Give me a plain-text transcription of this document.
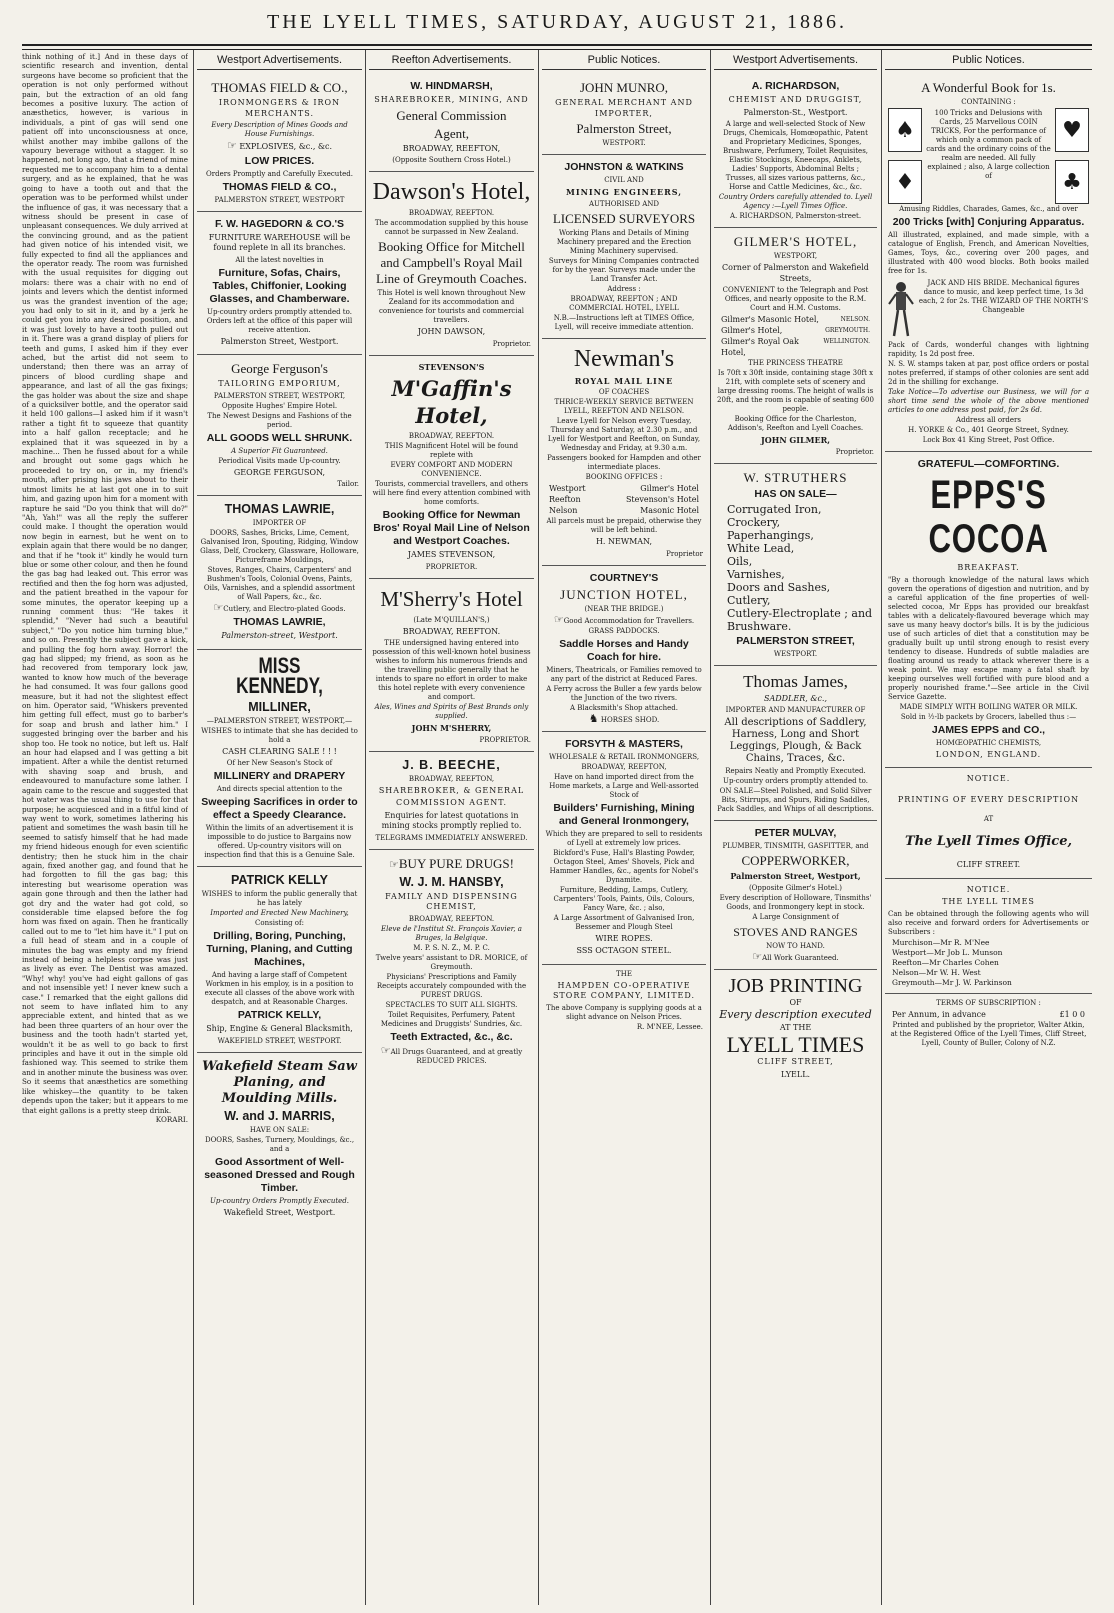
THE LYELL TIMES, SATURDAY, AUGUST 21, 1886.
think nothing of it.] And in these days of scientific research and invention, dental surgeons have become so proficient that the operation is not only performed without pain, but the extraction of an old fang becomes a positive luxury. The action of anæsthetics, however, is various in individuals, a pint of gas will send one patient off into unconsciousness at once, whilst another may imbibe gallons of the vapoury beverage without a stagger. It so happened, not long ago, that a friend of mine requested me to accompany him to a dental surgery, and as he explained, that he was going to have a tooth out and that the operation was to be performed whilst under the influence of gas, it was necessary that a witness should be present in case of unpleasant consequences. We duly arrived at the convincing ground, and as the patient had given notice of his intended visit, we fully expected to find all the appliances and the operator ready. The room was furnished with the usual requisites for digging out molars: there was a chair with no end of joints and levers which the dentist informed us was the grandest invention of the age; you had only to sit in it, and by a jerk he could get you into any desired position, and it was just lovely to have a tooth pulled out in it. There was a grand display of pliers for teeth and gums, I asked him if they ever ached, but the artist did not seem to understand; then there was an array of pincers of blood curdling shape and appearance, and last of all the gas fixings; the gas holder was about the size and shape of a quicksilver bottle, and the operator said it held 100 gallons—I asked him if it wasn't rather a tight fit to squeeze that quantity into a half gallon receptacle; and he explained that it was squeezed in by a machine... Then he fussed about for a while and brought out some gags which he proceeded to try on, or in, my friend's mouth, after prising his jaws about to their utmost limits he at last got one in to suit him, and gazing upon him for a moment with rapture he said "Do you think that will do?" "Ah, Yah!" was all the reply the sufferer could make. I thought the operation would now begin in earnest, but he went on to explain again that there would be no danger, and that if he "took it" kindly he would turn blue or some other colour, and then he found the gas bag had leaked out. This error was rectified and then the fog horn was adjusted, and the patient breathed in the vapour for some minutes, the operator keeping up a running comment thus: "He takes it splendid," "Never had such a beautiful subject," "Do you notice him turning blue," and so on. Presently the subject gave a kick, and pulling the fog horn away. Horror! the gag had slipped; my friend, as soon as he had recovered from temporary lock jaw, wanted to know how much of the beverage he had consumed. It was four gallons good measure, but it had not the slightest effect on him. Operator said, "Whiskers prevented him getting full effect, must go to barber's for soap and brush and lather him." I suggested bringing over the barber and his shop too. He took no notice, but left us. Half an hour had elapsed and I was getting a bit impatient. After a while the dentist returned with shaving soap and brush, and endeavoured to manufacture some lather. I again came to the rescue and suggested that hot water was the usual thing to use for that purpose; he acquiesced and in a fitful kind of way went to work, sometimes lathering his patient and sometimes the wash basin till he seemed to satisfy himself that he had made my friend hideous enough for even scientific dentistry; then he stuck him in the chair again, fixed another gag, and found that he had forgotten to fill the gas bag; this interesting but wearisome operation was again gone through and then the lather had got dry and the water had got cold, so considerable time elapsed before the fog horn was fixed on again. Then he frantically called out to me to "let him have it." I put on a full head of steam and in a couple of minutes the bag was empty and my friend instead of being a helpless corpse was just as lively as ever. The Dentist was amazed. "Why! why! you've had eight gallons of gas and not insensible yet! I never knew such a case." I remarked that the eight gallons did not seem to have inflated him to any appreciable extent, and hinted that as we had been three quarters of an hour over the business and the tooth hadn't started yet, wouldn't it be as well to go back to first principles and have it out in the simple old fashioned way. This seemed to strike them and in another minute the business was over. So it seems that anæsthetics are something like whiskey—the quantity to be taken depends upon the taker; but it appears to me that eight gallons is a pretty steep drink.
KORARI.
Westport Advertisements.
THOMAS FIELD & CO.,
IRONMONGERS & IRON MERCHANTS.
Every Description of Mines Goods and House Furnishings.
☞ EXPLOSIVES, &c., &c.
LOW PRICES.
Orders Promptly and Carefully Executed.
THOMAS FIELD & CO.,
PALMERSTON STREET, WESTPORT
F. W. HAGEDORN & CO.'S
FURNITURE WAREHOUSE will be found replete in all its branches.
All the latest novelties in
Furniture, Sofas, Chairs, Tables, Chiffonier, Looking Glasses, and Chamberware.
Up-country orders promptly attended to. Orders left at the office of this paper will receive attention.
Palmerston Street, Westport.
George Ferguson's
TAILORING EMPORIUM,
PALMERSTON STREET, WESTPORT,
Opposite Hughes' Empire Hotel.
The Newest Designs and Fashions of the period.
ALL GOODS WELL SHRUNK.
A Superior Fit Guaranteed.
Periodical Visits made Up-country.
GEORGE FERGUSON,
Tailor.
THOMAS LAWRIE,
IMPORTER OF
DOORS, Sashes, Bricks, Lime, Cement, Galvanised Iron, Spouting, Ridging, Window Glass, Delf, Crockery, Glassware, Holloware, Pictureframe Mouldings,
Stoves, Ranges, Chairs, Carpenters' and Bushmen's Tools, Colonial Ovens, Paints, Oils, Varnishes, and a splendid assortment of Wall Papers, &c., &c.
☞Cutlery, and Electro-plated Goods.
THOMAS LAWRIE,
Palmerston-street, Westport.
MISS KENNEDY,
MILLINER,
—PALMERSTON STREET, WESTPORT,—
WISHES to intimate that she has decided to hold a
CASH CLEARING SALE ! ! !
Of her New Season's Stock of
MILLINERY and DRAPERY
And directs special attention to the
Sweeping Sacrifices in order to effect a Speedy Clearance.
Within the limits of an advertisement it is impossible to do justice to Bargains now offered. Up-country visitors will on inspection find that this is a Genuine Sale.
PATRICK KELLY
WISHES to inform the public generally that he has lately
Imported and Erected New Machinery,
Consisting of:
Drilling, Boring, Punching, Turning, Planing, and Cutting Machines,
And having a large staff of Competent Workmen in his employ, is in a position to execute all classes of the above work with despatch, and at Reasonable Charges.
PATRICK KELLY,
Ship, Engine & General Blacksmith,
WAKEFIELD STREET, WESTPORT.
Wakefield Steam Saw Planing, and Moulding Mills.
W. and J. MARRIS,
HAVE ON SALE:
DOORS, Sashes, Turnery, Mouldings, &c., and a
Good Assortment of Well-seasoned Dressed and Rough Timber.
Up-country Orders Promptly Executed.
Wakefield Street, Westport.
Reefton Advertisements.
W. HINDMARSH,
SHAREBROKER, MINING, AND
General Commission
Agent,
BROADWAY, REEFTON,
(Opposite Southern Cross Hotel.)
Dawson's Hotel,
BROADWAY, REEFTON.
The accommodation supplied by this house cannot be surpassed in New Zealand.
Booking Office for Mitchell and Campbell's Royal Mail Line of Greymouth Coaches.
This Hotel is well known throughout New Zealand for its accommodation and convenience for tourists and commercial travellers.
JOHN DAWSON,
Proprietor.
STEVENSON'S
M'Gaffin's Hotel,
BROADWAY, REEFTON.
THIS Magnificent Hotel will be found replete with
EVERY COMFORT AND MODERN CONVENIENCE.
Tourists, commercial travellers, and others will here find every attention combined with home comforts.
Booking Office for Newman Bros' Royal Mail Line of Nelson and Westport Coaches.
JAMES STEVENSON,
PROPRIETOR.
M'Sherry's Hotel
(Late M'QUILLAN'S,)
BROADWAY, REEFTON.
THE undersigned having entered into possession of this well-known hotel business wishes to inform his numerous friends and the travelling public generally that he intends to spare no effort in order to make this hotel replete with every convenience and comport.
Ales, Wines and Spirits of Best Brands only supplied.
JOHN M'SHERRY,
PROPRIETOR.
J. B. BEECHE,
BROADWAY, REEFTON,
SHAREBROKER, & GENERAL
COMMISSION AGENT.
Enquiries for latest quotations in mining stocks promptly replied to.
TELEGRAMS IMMEDIATELY ANSWERED.
☞BUY PURE DRUGS!
W. J. M. HANSBY,
FAMILY AND DISPENSING CHEMIST,
BROADWAY, REEFTON.
Eleve de l'Institut St. François Xavier, a Bruges, la Belgique.
M. P. S. N. Z., M. P. C.
Twelve years' assistant to DR. MORICE, of Greymouth.
Physicians' Prescriptions and Family Receipts accurately compounded with the PUREST DRUGS.
SPECTACLES TO SUIT ALL SIGHTS.
Toilet Requisites, Perfumery, Patent Medicines and Druggists' Sundries, &c.
Teeth Extracted, &c., &c.
☞All Drugs Guaranteed, and at greatly REDUCED PRICES.
Public Notices.
JOHN MUNRO,
GENERAL MERCHANT AND IMPORTER,
Palmerston Street,
WESTPORT.
JOHNSTON & WATKINS
CIVIL AND
MINING ENGINEERS,
AUTHORISED AND
LICENSED SURVEYORS
Working Plans and Details of Mining Machinery prepared and the Erection Mining Machinery supervised.
Surveys for Mining Companies contracted for by the year. Surveys made under the Land Transfer Act.
Address :
BROADWAY, REEFTON ; AND COMMERCIAL HOTEL, LYELL
N.B.—Instructions left at TIMES Office, Lyell, will receive immediate attention.
Newman's
ROYAL MAIL LINE
OF COACHES
THRICE-WEEKLY SERVICE BETWEEN LYELL, REEFTON AND NELSON.
Leave Lyell for Nelson every Tuesday, Thursday and Saturday, at 2.30 p.m., and Lyell for Westport and Reefton, on Sunday, Wednesday and Friday, at 9.30 a.m.
Passengers booked for Hampden and other intermediate places.
BOOKING OFFICES :
Westport	Gilmer's Hotel
Reefton	Stevenson's Hotel
Nelson	Masonic Hotel
All parcels must be prepaid, otherwise they will be left behind.
H. NEWMAN,
Proprietor
COURTNEY'S
JUNCTION HOTEL,
(NEAR THE BRIDGE.)
☞Good Accommodation for Travellers.
GRASS PADDOCKS.
Saddle Horses and Handy Coach for hire.
Miners, Theatricals, or Families removed to any part of the district at Reduced Fares.
A Ferry across the Buller a few yards below the Junction of the two rivers.
A Blacksmith's Shop attached.
♞ HORSES SHOD.
FORSYTH & MASTERS,
WHOLESALE & RETAIL IRONMONGERS,
BROADWAY, REEFTON,
Have on hand imported direct from the Home markets, a Large and Well-assorted Stock of
Builders' Furnishing, Mining and General Ironmongery,
Which they are prepared to sell to residents of Lyell at extremely low prices.
Bickford's Fuse, Hall's Blasting Powder, Octagon Steel, Ames' Shovels, Pick and Hammer Handles, &c., agents for Nobel's Dynamite.
Furniture, Bedding, Lamps, Cutlery, Carpenters' Tools, Paints, Oils, Colours, Fancy Ware, &c. ; also,
A Large Assortment of Galvanised Iron, Bessemer and Plough Steel
WIRE ROPES.
SSS OCTAGON STEEL.
THE
HAMPDEN CO-OPERATIVE STORE COMPANY, LIMITED.
The above Company is supplying goods at a slight advance on Nelson Prices.
R. M'NEE, Lessee.
Westport Advertisements.
A. RICHARDSON,
CHEMIST AND DRUGGIST,
Palmerston-St., Westport.
A large and well-selected Stock of New Drugs, Chemicals, Homœopathic, Patent and Proprietary Medicines, Sponges, Brushware, Perfumery, Toilet Requisites, Elastic Stockings, Kneecaps, Anklets, Ladies' Supports, Abdominal Belts ; Trusses, all sizes various patterns, &c., Horse and Cattle Medicines, &c., &c.
Country Orders carefully attended to. Lyell Agency :—Lyell Times Office.
A. RICHARDSON, Palmerston-street.
GILMER'S HOTEL,
WESTPORT,
Corner of Palmerston and Wakefield Streets,
CONVENIENT to the Telegraph and Post Offices, and nearly opposite to the R.M. Court and H.M. Customs.
Gilmer's Masonic Hotel,	NELSON.
Gilmer's Hotel,	GREYMOUTH.
Gilmer's Royal Oak Hotel,
WELLINGTON.
THE PRINCESS THEATRE
Is 70ft x 30ft inside, containing stage 30ft x 21ft, with complete sets of scenery and large dressing rooms. The height of walls is 20ft, and the room is capable of seating 600 people.
Booking Office for the Charleston, Addison's, Reefton and Lyell Coaches.
JOHN GILMER,
Proprietor.
W. STRUTHERS
HAS ON SALE—
Corrugated Iron,
Crockery,
Paperhangings,
White Lead,
Oils,
Varnishes,
Doors and Sashes,
Cutlery,
Cutlery-Electroplate ; and
Brushware.
PALMERSTON STREET,
WESTPORT.
Thomas James,
SADDLER, &c.,
IMPORTER AND MANUFACTURER OF
All descriptions of Saddlery, Harness, Long and Short Leggings, Plough, & Back Chains, Traces, &c.
Repairs Neatly and Promptly Executed.
Up-country orders promptly attended to.
ON SALE—Steel Polished, and Solid Silver Bits, Stirrups, and Spurs, Riding Saddles, Pack Saddles, and Whips of all descriptions.
PETER MULVAY,
PLUMBER, TINSMITH, GASFITTER, and
COPPERWORKER,
Palmerston Street, Westport,
(Opposite Gilmer's Hotel.)
Every description of Holloware, Tinsmiths' Goods, and Ironmongery kept in stock.
A Large Consignment of
STOVES AND RANGES
NOW TO HAND.
☞All Work Guaranteed.
JOB PRINTING
OF
Every description executed
AT THE
LYELL TIMES
CLIFF STREET,
LYELL.
Public Notices.
A Wonderful Book for 1s.
CONTAINING :
♠
♦
100 Tricks and Delusions with Cards, 25 Marvellous COIN TRICKS, For the performance of which only a common pack of cards and the ordinary coins of the realm are needed. All fully explained ; also, A large collection of
♥
♣
Amusing Riddles, Charades, Games, &c., and over
200 Tricks [with] Conjuring Apparatus.
All illustrated, explained, and made simple, with a catalogue of English, French, and American Novelties, Games, Toys, &c., covering over 200 pages, and illustrated with 400 wood blocks. Both books mailed free for 1s.
JACK AND HIS BRIDE. Mechanical figures dance to music, and keep perfect time, 1s 3d each, 2 for 2s. THE WIZARD OF THE NORTH'S Changeable
Pack of Cards, wonderful changes with lightning rapidity, 1s 2d post free.
N. S. W. stamps taken at par, post office orders or postal notes preferred, if stamps of other colonies are sent add 2d in the shilling for exchange.
Take Notice—To advertise our Business, we will for a short time send the whole of the above mentioned articles to one address post paid, for 2s 6d.
Address all orders
H. YORKE & Co., 401 George Street, Sydney.
Lock Box 41 King Street, Post Office.
GRATEFUL—COMFORTING.
EPPS'S COCOA
BREAKFAST.
"By a thorough knowledge of the natural laws which govern the operations of digestion and nutrition, and by a careful application of the fine properties of well-selected cocoa, Mr Epps has provided our breakfast tables with a delicately-flavoured beverage which may save us many heavy doctor's bills. It is by the judicious use of such articles of diet that a constitution may be gradually built up until strong enough to resist every tendency to disease. Hundreds of subtle maladies are floating around us ready to attack wherever there is a weak point. We may escape many a fatal shaft by keeping ourselves well fortified with pure blood and a properly nourished frame."—See article in the Civil Service Gazette.
MADE SIMPLY WITH BOILING WATER OR MILK.
Sold in ½-lb packets by Grocers, labelled thus :—
JAMES EPPS and CO.,
HOMŒOPATHIC CHEMISTS,
LONDON, ENGLAND.
NOTICE.
PRINTING OF EVERY DESCRIPTION
AT
The Lyell Times Office,
CLIFF STREET.
NOTICE.
THE LYELL TIMES
Can be obtained through the following agents who will also receive and forward orders for Advertisements or Subscribers :
Murchison—Mr R. M'Nee
Westport—Mr Job L. Munson
Reefton—Mr Charles Cohen
Nelson—Mr W. H. West
Greymouth—Mr J. W. Parkinson
TERMS OF SUBSCRIPTION :
Per Annum, in advance	£1 0 0
Printed and published by the proprietor, Walter Atkin, at the Registered Office of the Lyell Times, Cliff Street, Lyell, County of Buller, Colony of N.Z.
